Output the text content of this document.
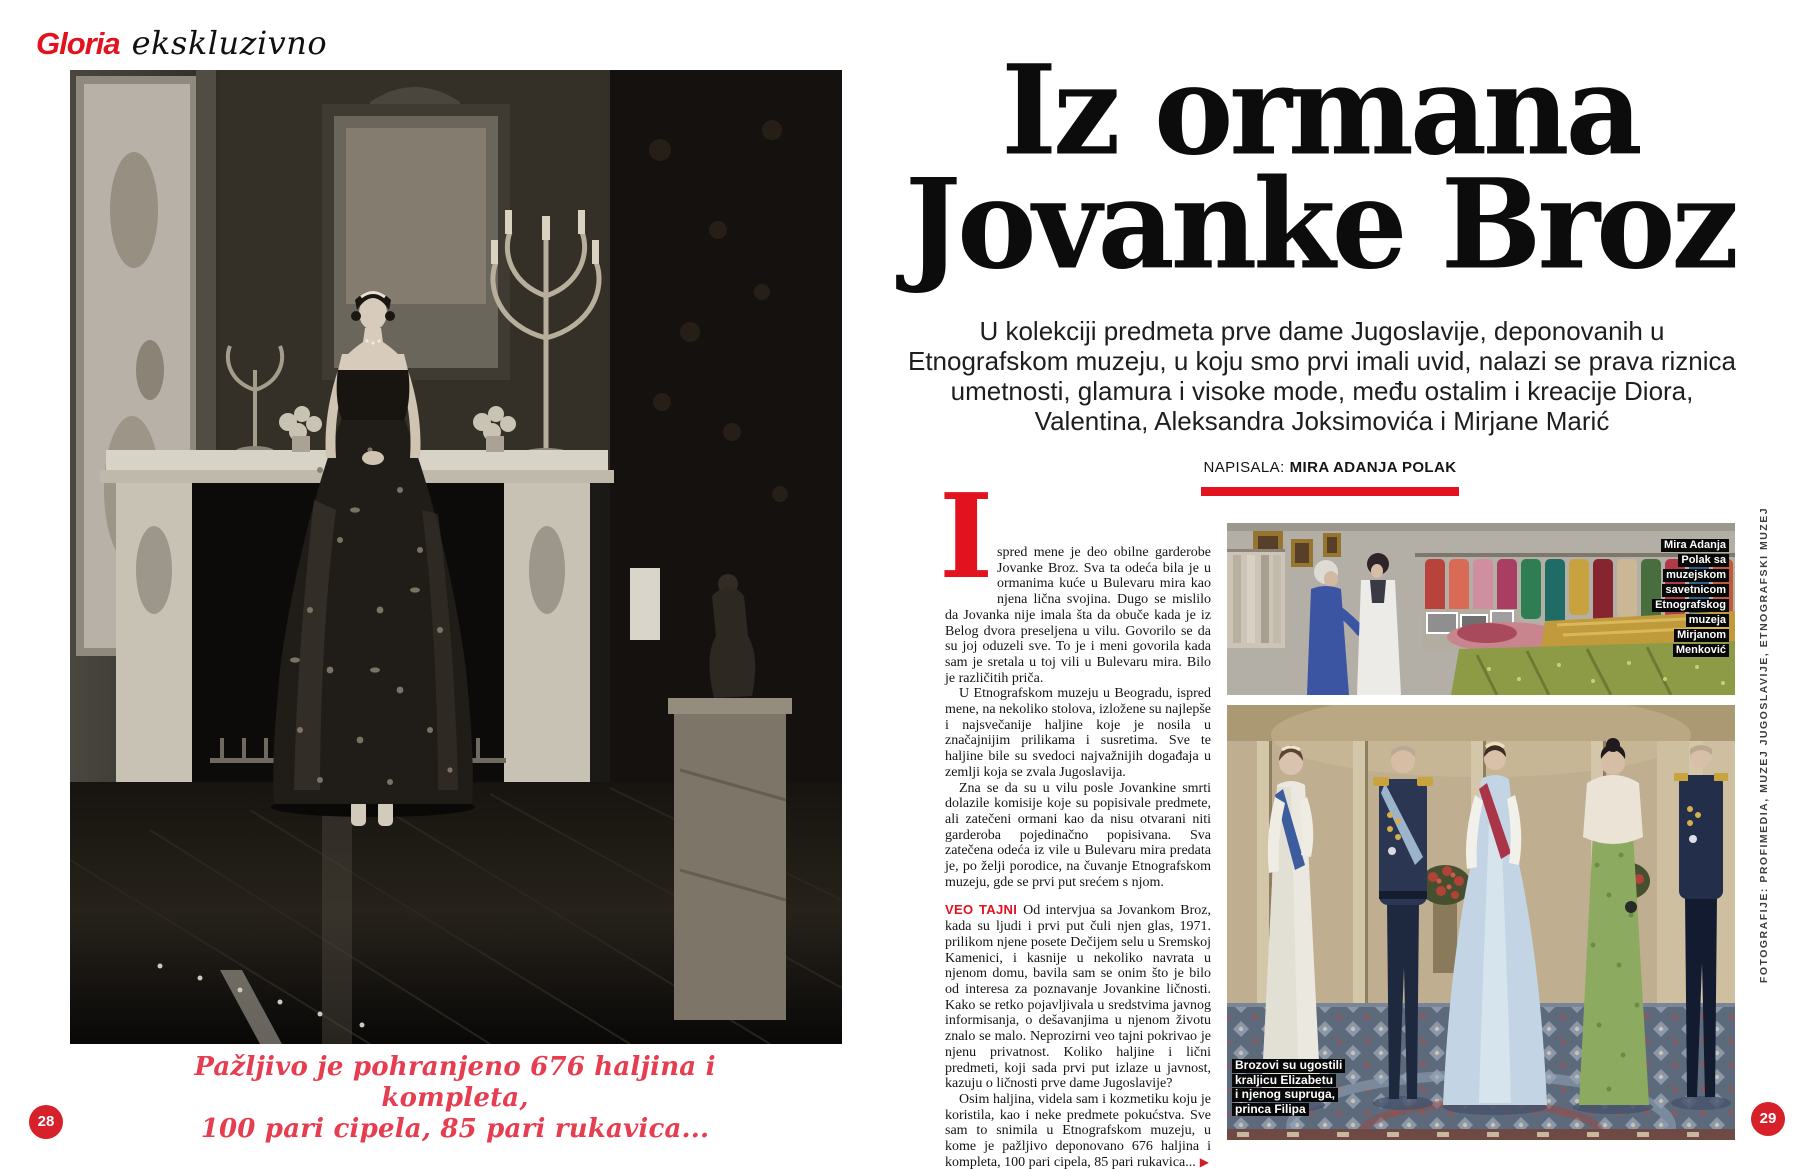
Gloria ekskluzivno
Pažljivo je pohranjeno 676 haljina i kompleta,
100 pari cipela, 85 pari rukavica...
Iz ormana
Jovanke Broz
U kolekciji predmeta prve dame Jugoslavije, deponovanih u
Etnografskom muzeju, u koju smo prvi imali uvid, nalazi se prava riznica
umetnosti, glamura i visoke mode, među ostalim i kreacije Diora,
Valentina, Aleksandra Joksimovića i Mirjane Marić
NAPISALA: MIRA ADANJA POLAK
I spred mene je deo obilne garderobe Jovanke Broz. Sva ta odeća bila je u ormanima kuće u Bulevaru mira kao njena lična svojina. Dugo se mislilo da Jovanka nije imala šta da obuče kada je iz Belog dvora preseljena u vilu. Govorilo se da su joj oduzeli sve. To je i meni govorila kada sam je sretala u toj vili u Bulevaru mira. Bilo je različitih priča.

U Etnografskom muzeju u Beogradu, ispred mene, na nekoliko stolova, izložene su najlepše i najsvečanije haljine koje je nosila u značajnijim prilikama i susretima. Sve te haljine bile su svedoci najvažnijih događaja u zemlji koja se zvala Jugoslavija.

Zna se da su u vilu posle Jovankine smrti dolazile komisije koje su popisivale predmete, ali zatečeni ormani kao da nisu otvarani niti garderoba pojedinačno popisivana. Sva zatečena odeća iz vile u Bulevaru mira predata je, po želji porodice, na čuvanje Etnografskom muzeju, gde se prvi put srećem s njom.

VEO TAJNI Od intervjua sa Jovankom Broz, kada su ljudi i prvi put čuli njen glas, 1971. prilikom njene posete Dečijem selu u Sremskoj Kamenici, i kasnije u nekoliko navrata u njenom domu, bavila sam se onim što je bilo od interesa za poznavanje Jovankine ličnosti. Kako se retko pojavljivala u sredstvima javnog informisanja, o dešavanjima u njenom životu znalo se malo. Neprozirni veo tajni pokrivao je njenu privatnost. Koliko haljine i lični predmeti, koji sada prvi put izlaze u javnost, kazuju o ličnosti prve dame Jugoslavije?

Osim haljina, videla sam i kozmetiku koju je koristila, kao i neke predmete pokućstva. Sve sam to snimila u Etnografskom muzeju, u kome je pažljivo deponovano 676 haljina i kompleta, 100 pari cipela, 85 pari rukavica... ▶

Mira Adanja
Polak sa
muzejskom
savetnicom
Etnografskog
muzeja
Mirjanom
Menković
Brozovi su ugostili
kraljicu Elizabetu
i njenog supruga,
princa Filipa
FOTOGRAFIJE: PROFIMEDIA, MUZEJ JUGOSLAVIJE, ETNOGRAFSKI MUZEJ
28	29
